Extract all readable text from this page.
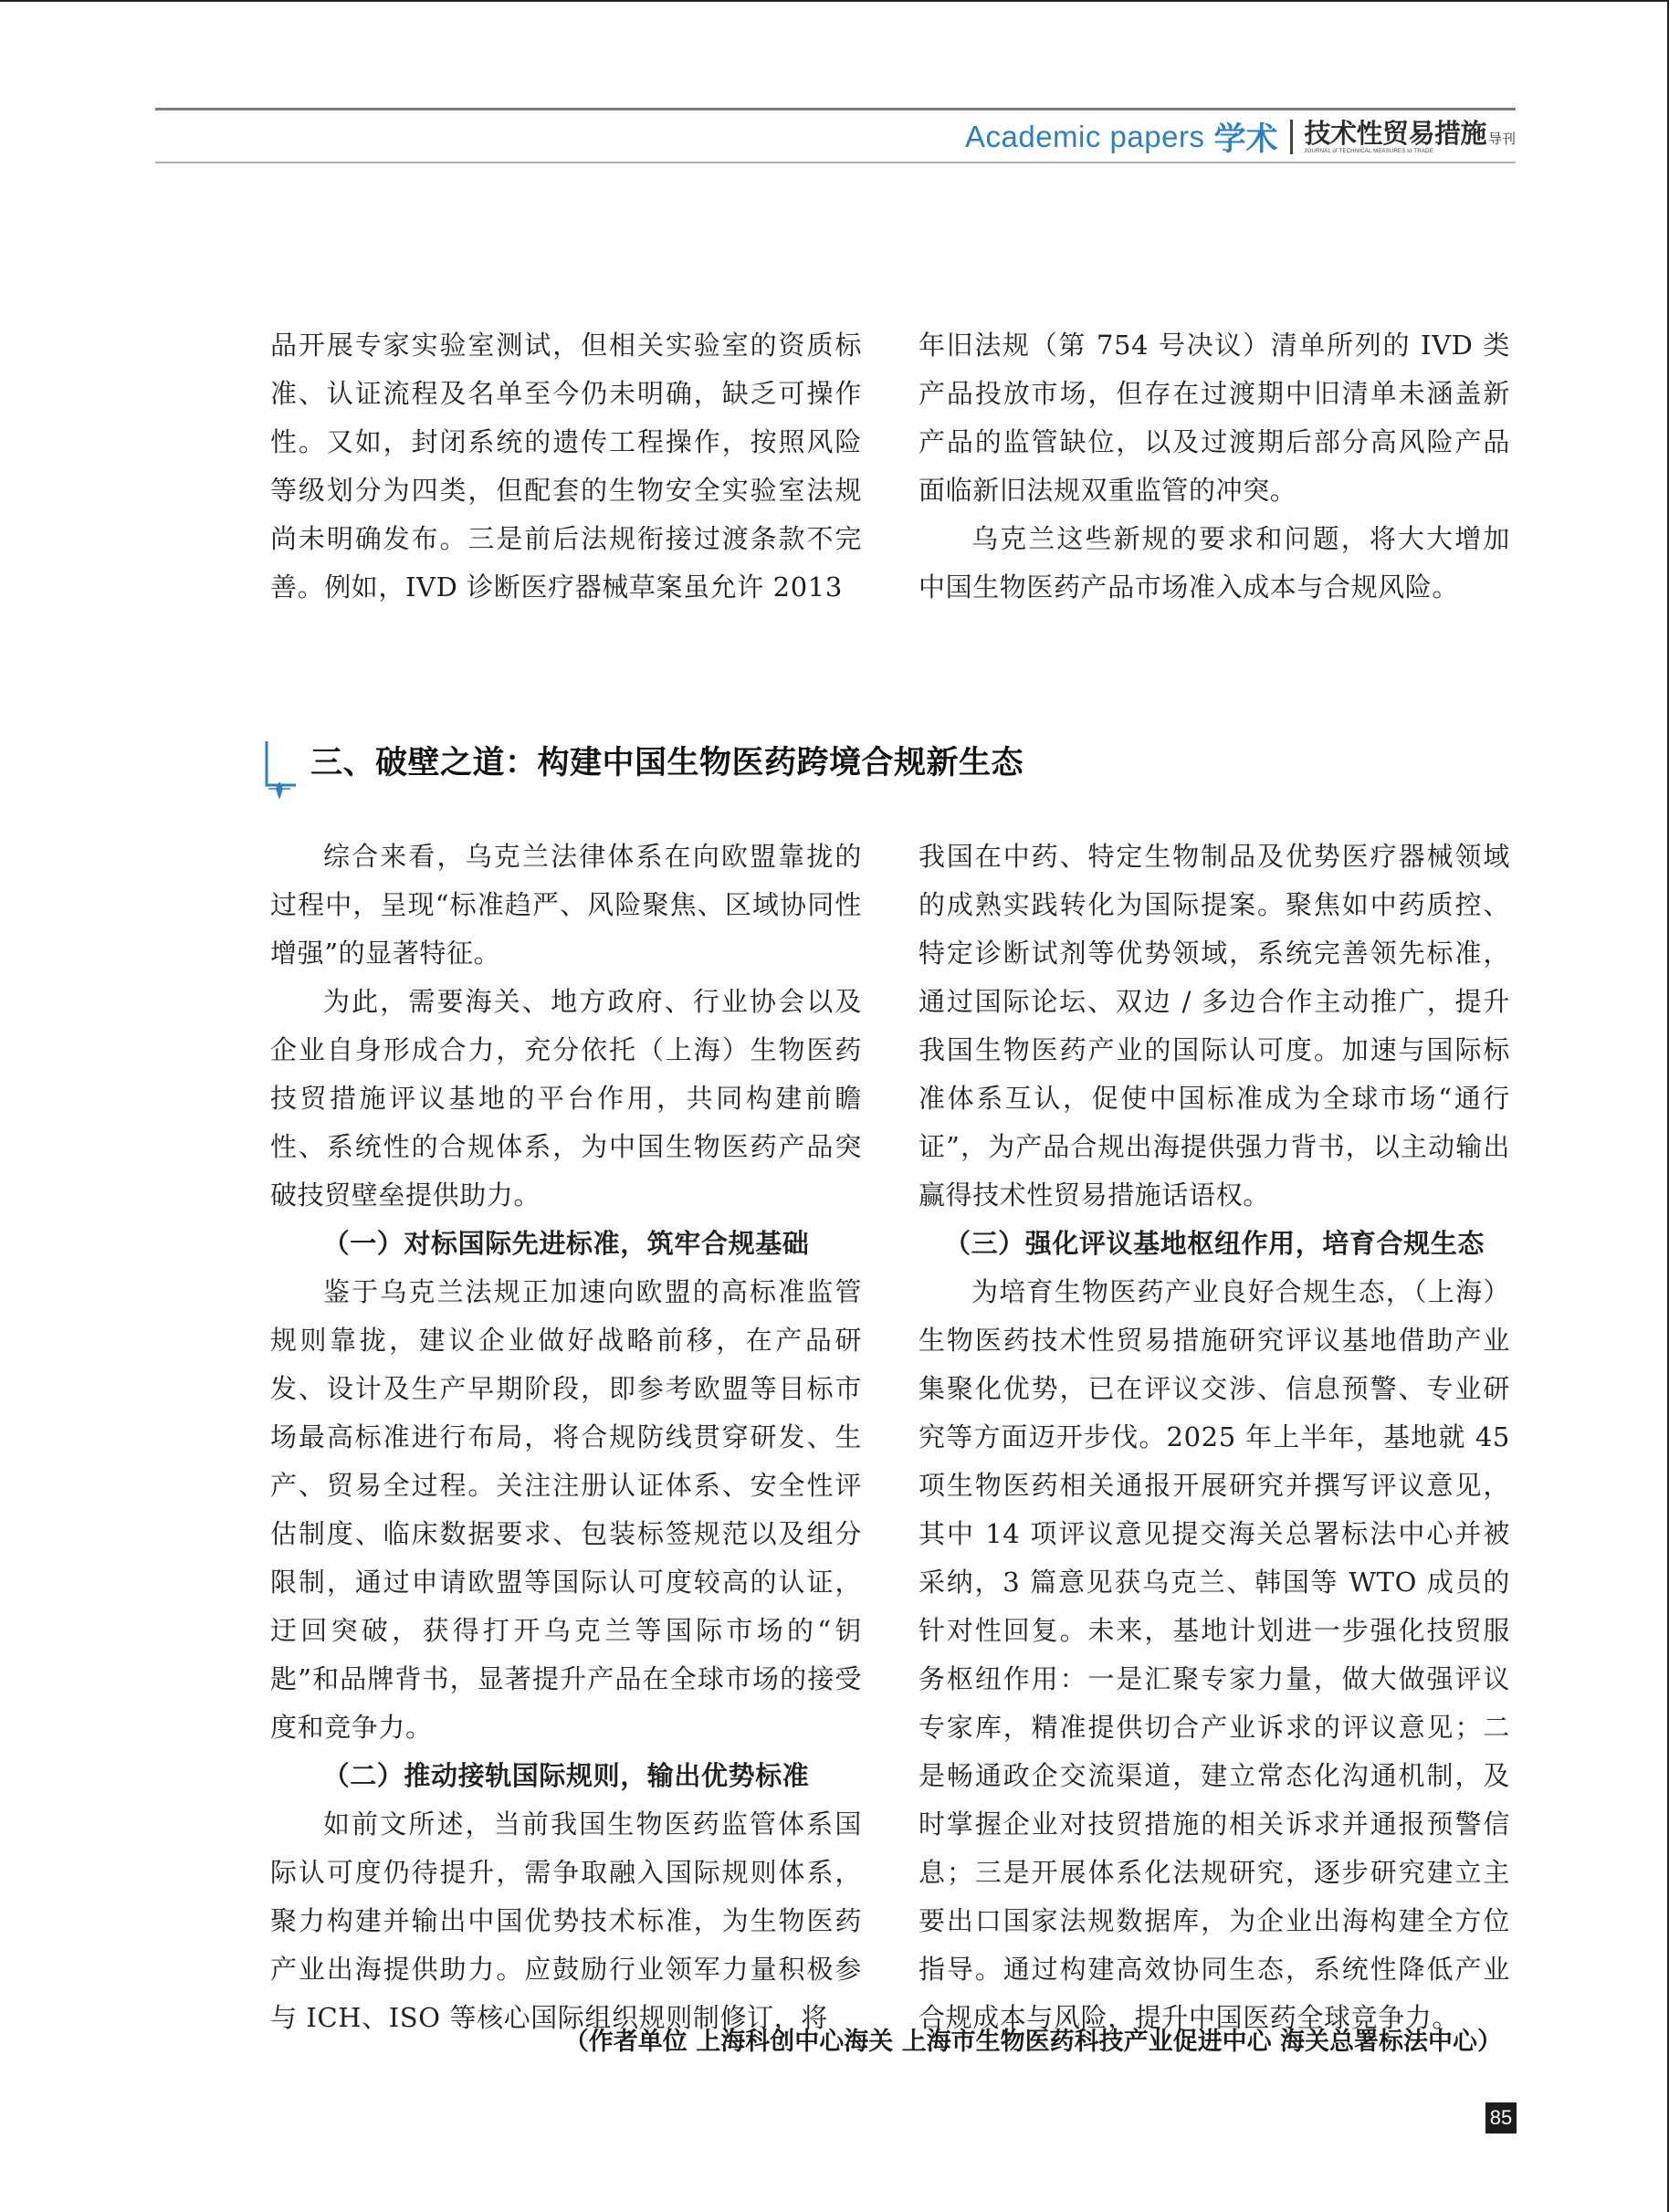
Academic papers 学术 技术性贸易措施 导刊
JOURNAL of TECHNICAL MEASURES to TRADE

品开展专家实验室测试，但相关实验室的资质标准、认证流程及名单至今仍未明确，缺乏可操作性。又如，封闭系统的遗传工程操作，按照风险等级划分为四类，但配套的生物安全实验室法规尚未明确发布。三是前后法规衔接过渡条款不完善。例如，IVD 诊断医疗器械草案虽允许 2013

年旧法规（第 754 号决议）清单所列的 IVD 类产品投放市场，但存在过渡期中旧清单未涵盖新产品的监管缺位，以及过渡期后部分高风险产品面临新旧法规双重监管的冲突。

乌克兰这些新规的要求和问题，将大大增加中国生物医药产品市场准入成本与合规风险。

三、破壁之道：构建中国生物医药跨境合规新生态

综合来看，乌克兰法律体系在向欧盟靠拢的过程中，呈现“标准趋严、风险聚焦、区域协同性增强”的显著特征。

为此，需要海关、地方政府、行业协会以及企业自身形成合力，充分依托（上海）生物医药技贸措施评议基地的平台作用，共同构建前瞻性、系统性的合规体系，为中国生物医药产品突破技贸壁垒提供助力。

（一）对标国际先进标准，筑牢合规基础

鉴于乌克兰法规正加速向欧盟的高标准监管规则靠拢，建议企业做好战略前移，在产品研发、设计及生产早期阶段，即参考欧盟等目标市场最高标准进行布局，将合规防线贯穿研发、生产、贸易全过程。关注注册认证体系、安全性评估制度、临床数据要求、包装标签规范以及组分限制，通过申请欧盟等国际认可度较高的认证，迂回突破，获得打开乌克兰等国际市场的“钥匙”和品牌背书，显著提升产品在全球市场的接受度和竞争力。

（二）推动接轨国际规则，输出优势标准

如前文所述，当前我国生物医药监管体系国际认可度仍待提升，需争取融入国际规则体系，聚力构建并输出中国优势技术标准，为生物医药产业出海提供助力。应鼓励行业领军力量积极参与 ICH、ISO 等核心国际组织规则制修订，将

我国在中药、特定生物制品及优势医疗器械领域的成熟实践转化为国际提案。聚焦如中药质控、特定诊断试剂等优势领域，系统完善领先标准，通过国际论坛、双边 / 多边合作主动推广，提升我国生物医药产业的国际认可度。加速与国际标准体系互认，促使中国标准成为全球市场“通行证”，为产品合规出海提供强力背书，以主动输出赢得技术性贸易措施话语权。

（三）强化评议基地枢纽作用，培育合规生态

为培育生物医药产业良好合规生态，（上海）生物医药技术性贸易措施研究评议基地借助产业集聚化优势，已在评议交涉、信息预警、专业研究等方面迈开步伐。2025 年上半年，基地就 45 项生物医药相关通报开展研究并撰写评议意见，其中 14 项评议意见提交海关总署标法中心并被采纳，3 篇意见获乌克兰、韩国等 WTO 成员的针对性回复。未来，基地计划进一步强化技贸服务枢纽作用：一是汇聚专家力量，做大做强评议专家库，精准提供切合产业诉求的评议意见；二是畅通政企交流渠道，建立常态化沟通机制，及时掌握企业对技贸措施的相关诉求并通报预警信息；三是开展体系化法规研究，逐步研究建立主要出口国家法规数据库，为企业出海构建全方位指导。通过构建高效协同生态，系统性降低产业合规成本与风险，提升中国医药全球竞争力。

（作者单位 上海科创中心海关 上海市生物医药科技产业促进中心 海关总署标法中心）
85
